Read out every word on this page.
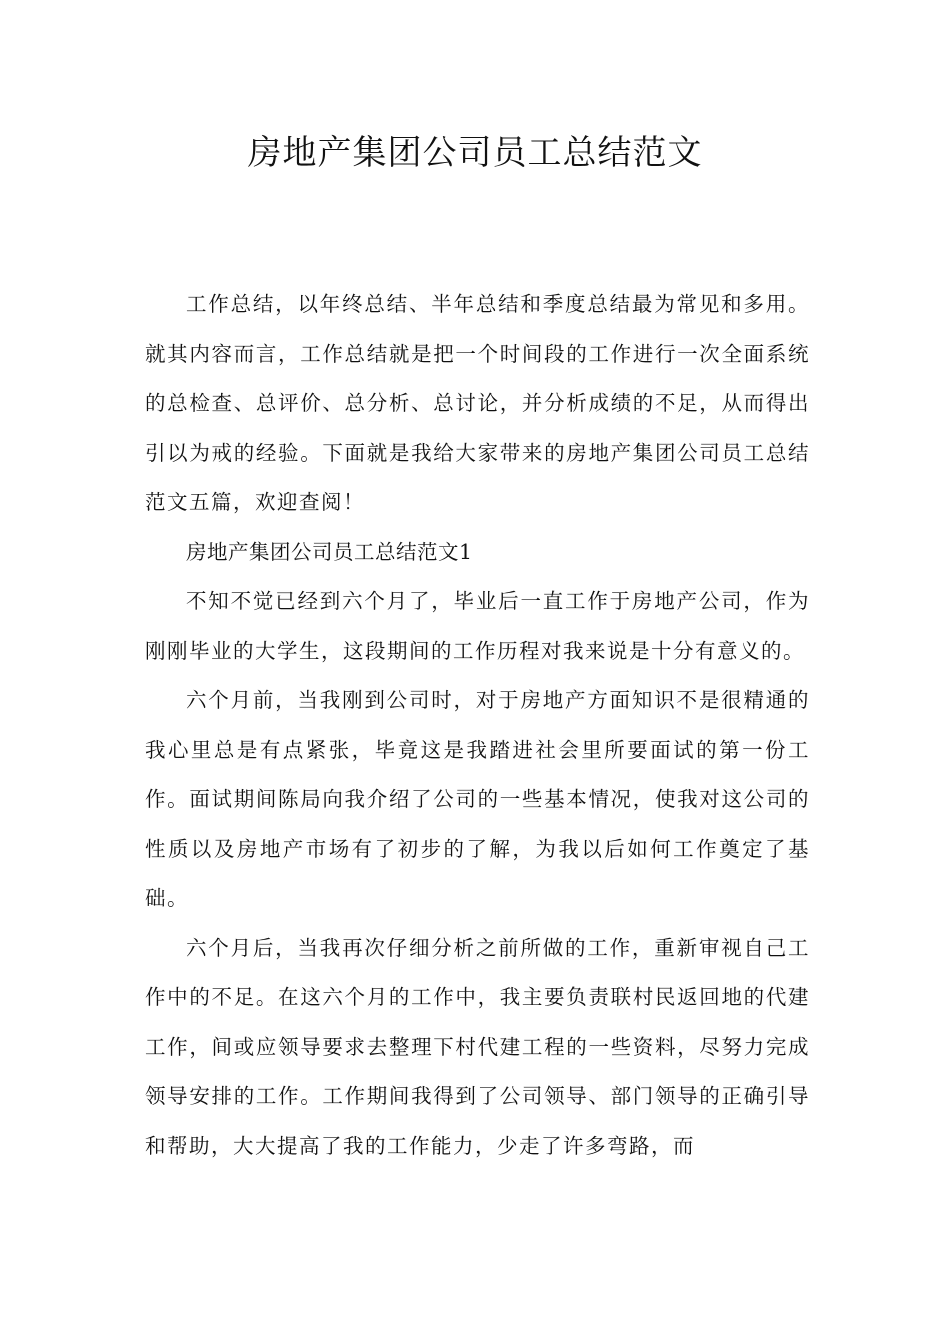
房地产集团公司员工总结范文

工作总结，以年终总结、半年总结和季度总结最为常见和多用。就其内容而言，工作总结就是把一个时间段的工作进行一次全面系统的总检查、总评价、总分析、总讨论，并分析成绩的不足，从而得出引以为戒的经验。下面就是我给大家带来的房地产集团公司员工总结范文五篇，欢迎查阅！

房地产集团公司员工总结范文1

不知不觉已经到六个月了，毕业后一直工作于房地产公司，作为刚刚毕业的大学生，这段期间的工作历程对我来说是十分有意义的。

六个月前，当我刚到公司时，对于房地产方面知识不是很精通的我心里总是有点紧张，毕竟这是我踏进社会里所要面试的第一份工作。面试期间陈局向我介绍了公司的一些基本情况，使我对这公司的性质以及房地产市场有了初步的了解，为我以后如何工作奠定了基础。

六个月后，当我再次仔细分析之前所做的工作，重新审视自己工作中的不足。在这六个月的工作中，我主要负责联村民返回地的代建工作，间或应领导要求去整理下村代建工程的一些资料，尽努力完成领导安排的工作。工作期间我得到了公司领导、部门领导的正确引导和帮助，大大提高了我的工作能力，少走了许多弯路，而
